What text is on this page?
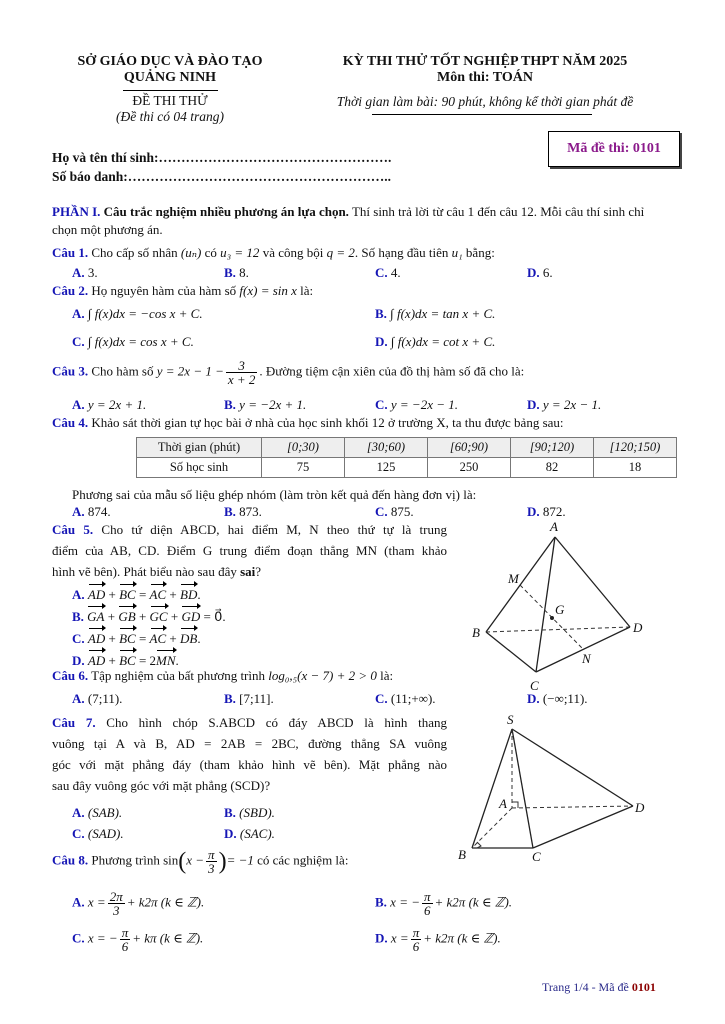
SỞ GIÁO DỤC VÀ ĐÀO TẠO
QUẢNG NINH
ĐỀ THI THỬ
(Đề thi có 04 trang)
KỲ THI THỬ TỐT NGHIỆP THPT NĂM 2025
Môn thi: TOÁN
Thời gian làm bài: 90 phút, không kể thời gian phát đề
Mã đề thi: 0101
Họ và tên thí sinh:…………………………………………….
Số báo danh:…………………………………………………..
PHẦN I. Câu trắc nghiệm nhiều phương án lựa chọn. Thí sinh trả lời từ câu 1 đến câu 12. Mỗi câu thí sinh chỉ chọn một phương án.
Câu 1. Cho cấp số nhân (uₙ) có u₃ = 12 và công bội q = 2. Số hạng đầu tiên u₁ bằng:
A. 3.	B. 8.	C. 4.	D. 6.
Câu 2. Họ nguyên hàm của hàm số f(x) = sin x là:
A. ∫ f(x)dx = −cos x + C.	B. ∫ f(x)dx = tan x + C.
C. ∫ f(x)dx = cos x + C.	D. ∫ f(x)dx = cot x + C.
Câu 3. Cho hàm số $y = 2x - 1 - \frac{3}{x + 2}$ . Đường tiệm cận xiên của đồ thị hàm số đã cho là:
A. y = 2x + 1.	B. y = −2x + 1.	C. y = −2x − 1.	D. y = 2x − 1.
Câu 4. Khảo sát thời gian tự học bài ở nhà của học sinh khối 12 ở trường X, ta thu được bảng sau:
Thời gian (phút)	[0;30)	[30;60)	[60;90)	[90;120)	[120;150)
Số học sinh	75	125	250	82	18
Phương sai của mẫu số liệu ghép nhóm (làm tròn kết quả đến hàng đơn vị) là:
A. 874.	B. 873.	C. 875.	D. 872.
Câu 5. Cho tứ diện ABCD, hai điểm M, N theo thứ tự là trung
điểm của AB, CD. Điểm G trung điểm đoạn thẳng MN (tham khảo
hình vẽ bên). Phát biểu nào sau đây sai?
A. AD + BC = AC + BD.
B. GA + GB + GC + GD = 0⃗.
C. AD + BC = AC + DB.
D. AD + BC = 2MN.
A
B
C
D
M
N
G
Câu 6. Tập nghiệm của bất phương trình log₀,₅(x − 7) + 2 > 0 là:
A. (7;11).	B. [7;11].	C. (11;+∞).	D. (−∞;11).
Câu 7. Cho hình chóp S.ABCD có đáy ABCD là hình thang
vuông tại A và B, AD = 2AB = 2BC, đường thẳng SA vuông
góc với mặt phẳng đáy (tham khảo hình vẽ bên). Mặt phẳng nào
sau đây vuông góc với mặt phẳng (SCD)?
A. (SAB).	B. (SBD).
C. (SAD).	D. (SAC).
S
A
B	C
D
Câu 8. Phương trình $\sin(x - \frac{\pi}{3}$ )= −1 có các nghiệm là:
A. $x = \frac{2\pi}{3} + k2\pi$ (k ∈ ℤ).	B. x = − $\frac{\pi}{6} + k2\pi$ (k ∈ ℤ).
C. x = − $\frac{\pi}{6} + k\pi$ (k ∈ ℤ).	D. $x = \frac{\pi}{6} + k2\pi$ (k ∈ ℤ).
Trang 1/4 - Mã đề 0101
